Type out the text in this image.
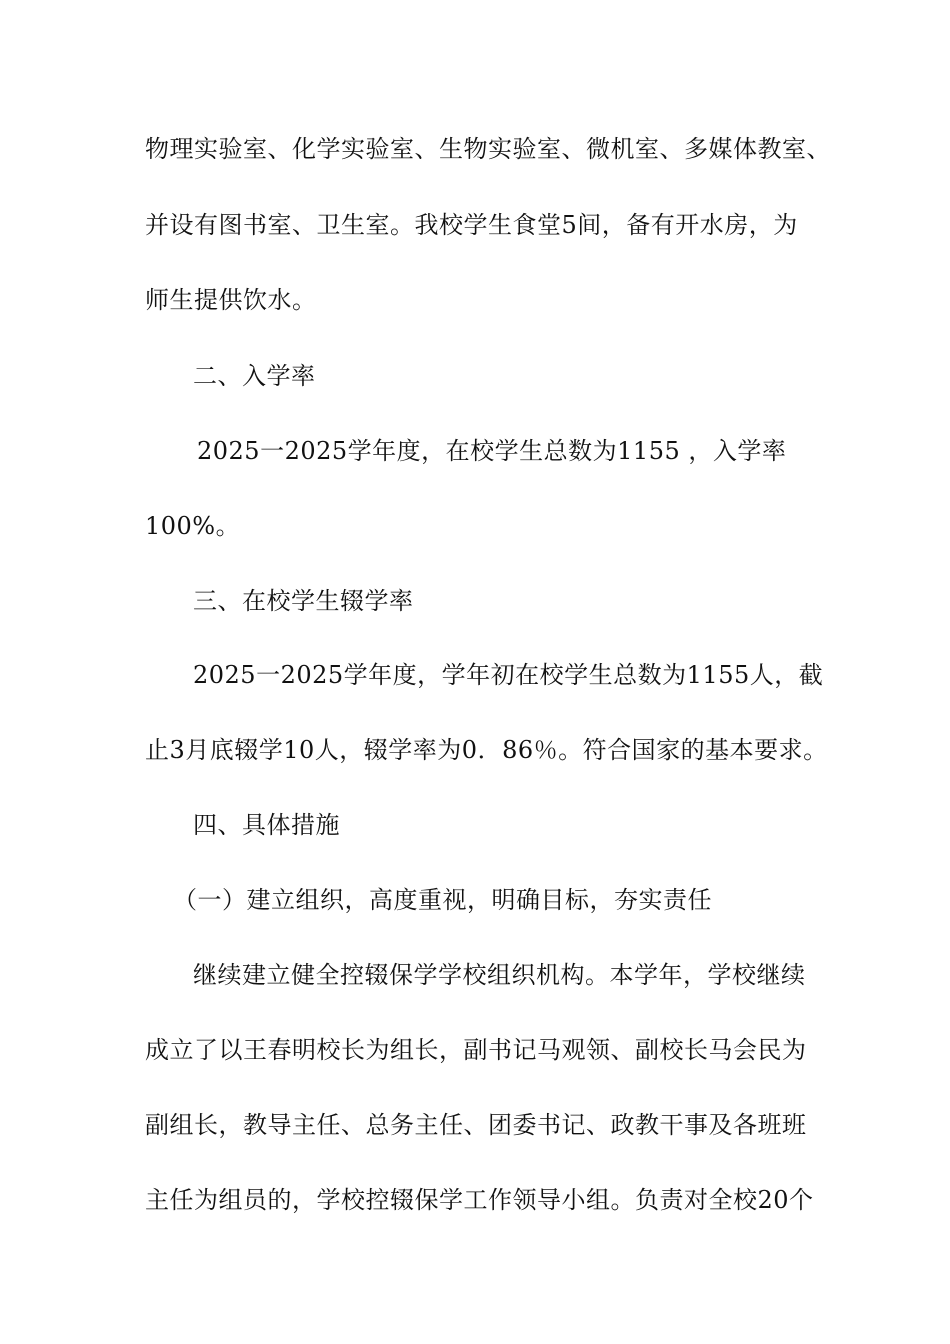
物理实验室、化学实验室、生物实验室、微机室、多媒体教室、
并设有图书室、卫生室。我校学生食堂5间，备有开水房，为
师生提供饮水。
二、入学率
2025一2025学年度，在校学生总数为1155 ，入学率
100%。
三、在校学生辍学率
2025一2025学年度，学年初在校学生总数为1155人，截
止3月底辍学10人，辍学率为0．86％。符合国家的基本要求。
四、具体措施
（一）建立组织，高度重视，明确目标，夯实责任
继续建立健全控辍保学学校组织机构。本学年，学校继续
成立了以王春明校长为组长，副书记马观领、副校长马会民为
副组长，教导主任、总务主任、团委书记、政教干事及各班班
主任为组员的，学校控辍保学工作领导小组。负责对全校20个
